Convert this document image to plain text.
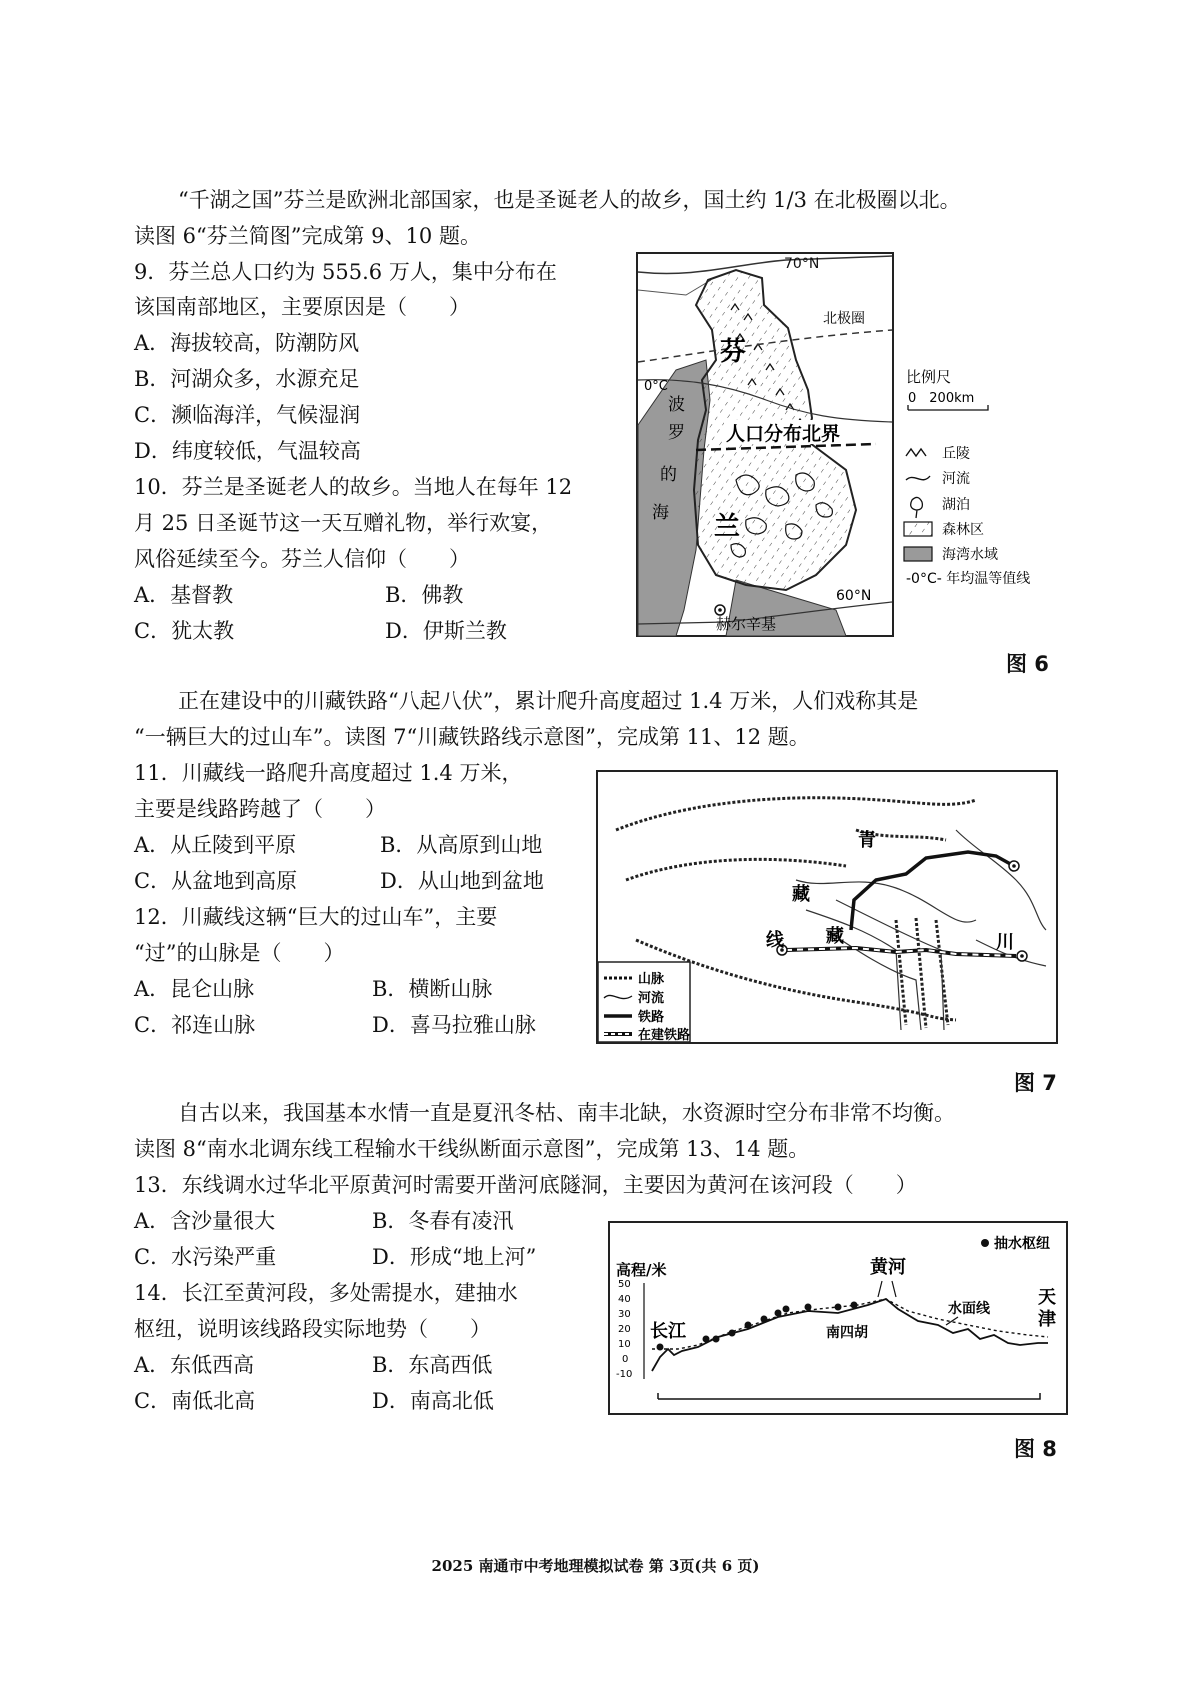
“千湖之国”芬兰是欧洲北部国家，也是圣诞老人的故乡，国土约 1/3 在北极圈以北。
读图 6“芬兰简图”完成第 9、10 题。
9．芬兰总人口约为 555.6 万人，集中分布在
该国南部地区，主要原因是（　　）
A．海拔较高，防潮防风
B．河湖众多，水源充足
C．濒临海洋，气候湿润
D．纬度较低，气温较高
10．芬兰是圣诞老人的故乡。当地人在每年 12
月 25 日圣诞节这一天互赠礼物，举行欢宴，
风俗延续至今。芬兰人信仰（　　）
A．基督教	B．佛教
C．犹太教	D．伊斯兰教
70°N
北极圈
0°C
人口分布北界
芬
兰
波
罗
的
海
60°N
赫尔辛基
比例尺
0　200km
丘陵
河流
湖泊
森林区
海湾水域
-0°C- 年均温等值线
图 6
正在建设中的川藏铁路“八起八伏”，累计爬升高度超过 1.4 万米，人们戏称其是
“一辆巨大的过山车”。读图 7“川藏铁路线示意图”，完成第 11、12 题。
11．川藏线一路爬升高度超过 1.4 万米，
主要是线路跨越了（　　）
A．从丘陵到平原	B．从高原到山地
C．从盆地到高原	D．从山地到盆地
12．川藏线这辆“巨大的过山车”，主要
“过”的山脉是（　　）
A．昆仑山脉	B．横断山脉
C．祁连山脉	D．喜马拉雅山脉
青
藏
线 藏	川
山脉
河流
铁路
在建铁路
图 7
自古以来，我国基本水情一直是夏汛冬枯、南丰北缺，水资源时空分布非常不均衡。
读图 8“南水北调东线工程输水干线纵断面示意图”，完成第 13、14 题。
13．东线调水过华北平原黄河时需要开凿河底隧洞，主要因为黄河在该河段（　　）
A．含沙量很大	B．冬春有凌汛
C．水污染严重	D．形成“地上河”
14．长江至黄河段，多处需提水，建抽水
枢纽，说明该线路段实际地势（　　）
A．东低西高	B．东高西低
C．南低北高	D．南高北低
抽水枢纽
高程/米	黄河
长江	南四胡
水面线
天
津
50
40
30
20
10
0
-10
图 8
2025 南通市中考地理模拟试卷 第 3页(共 6 页)
